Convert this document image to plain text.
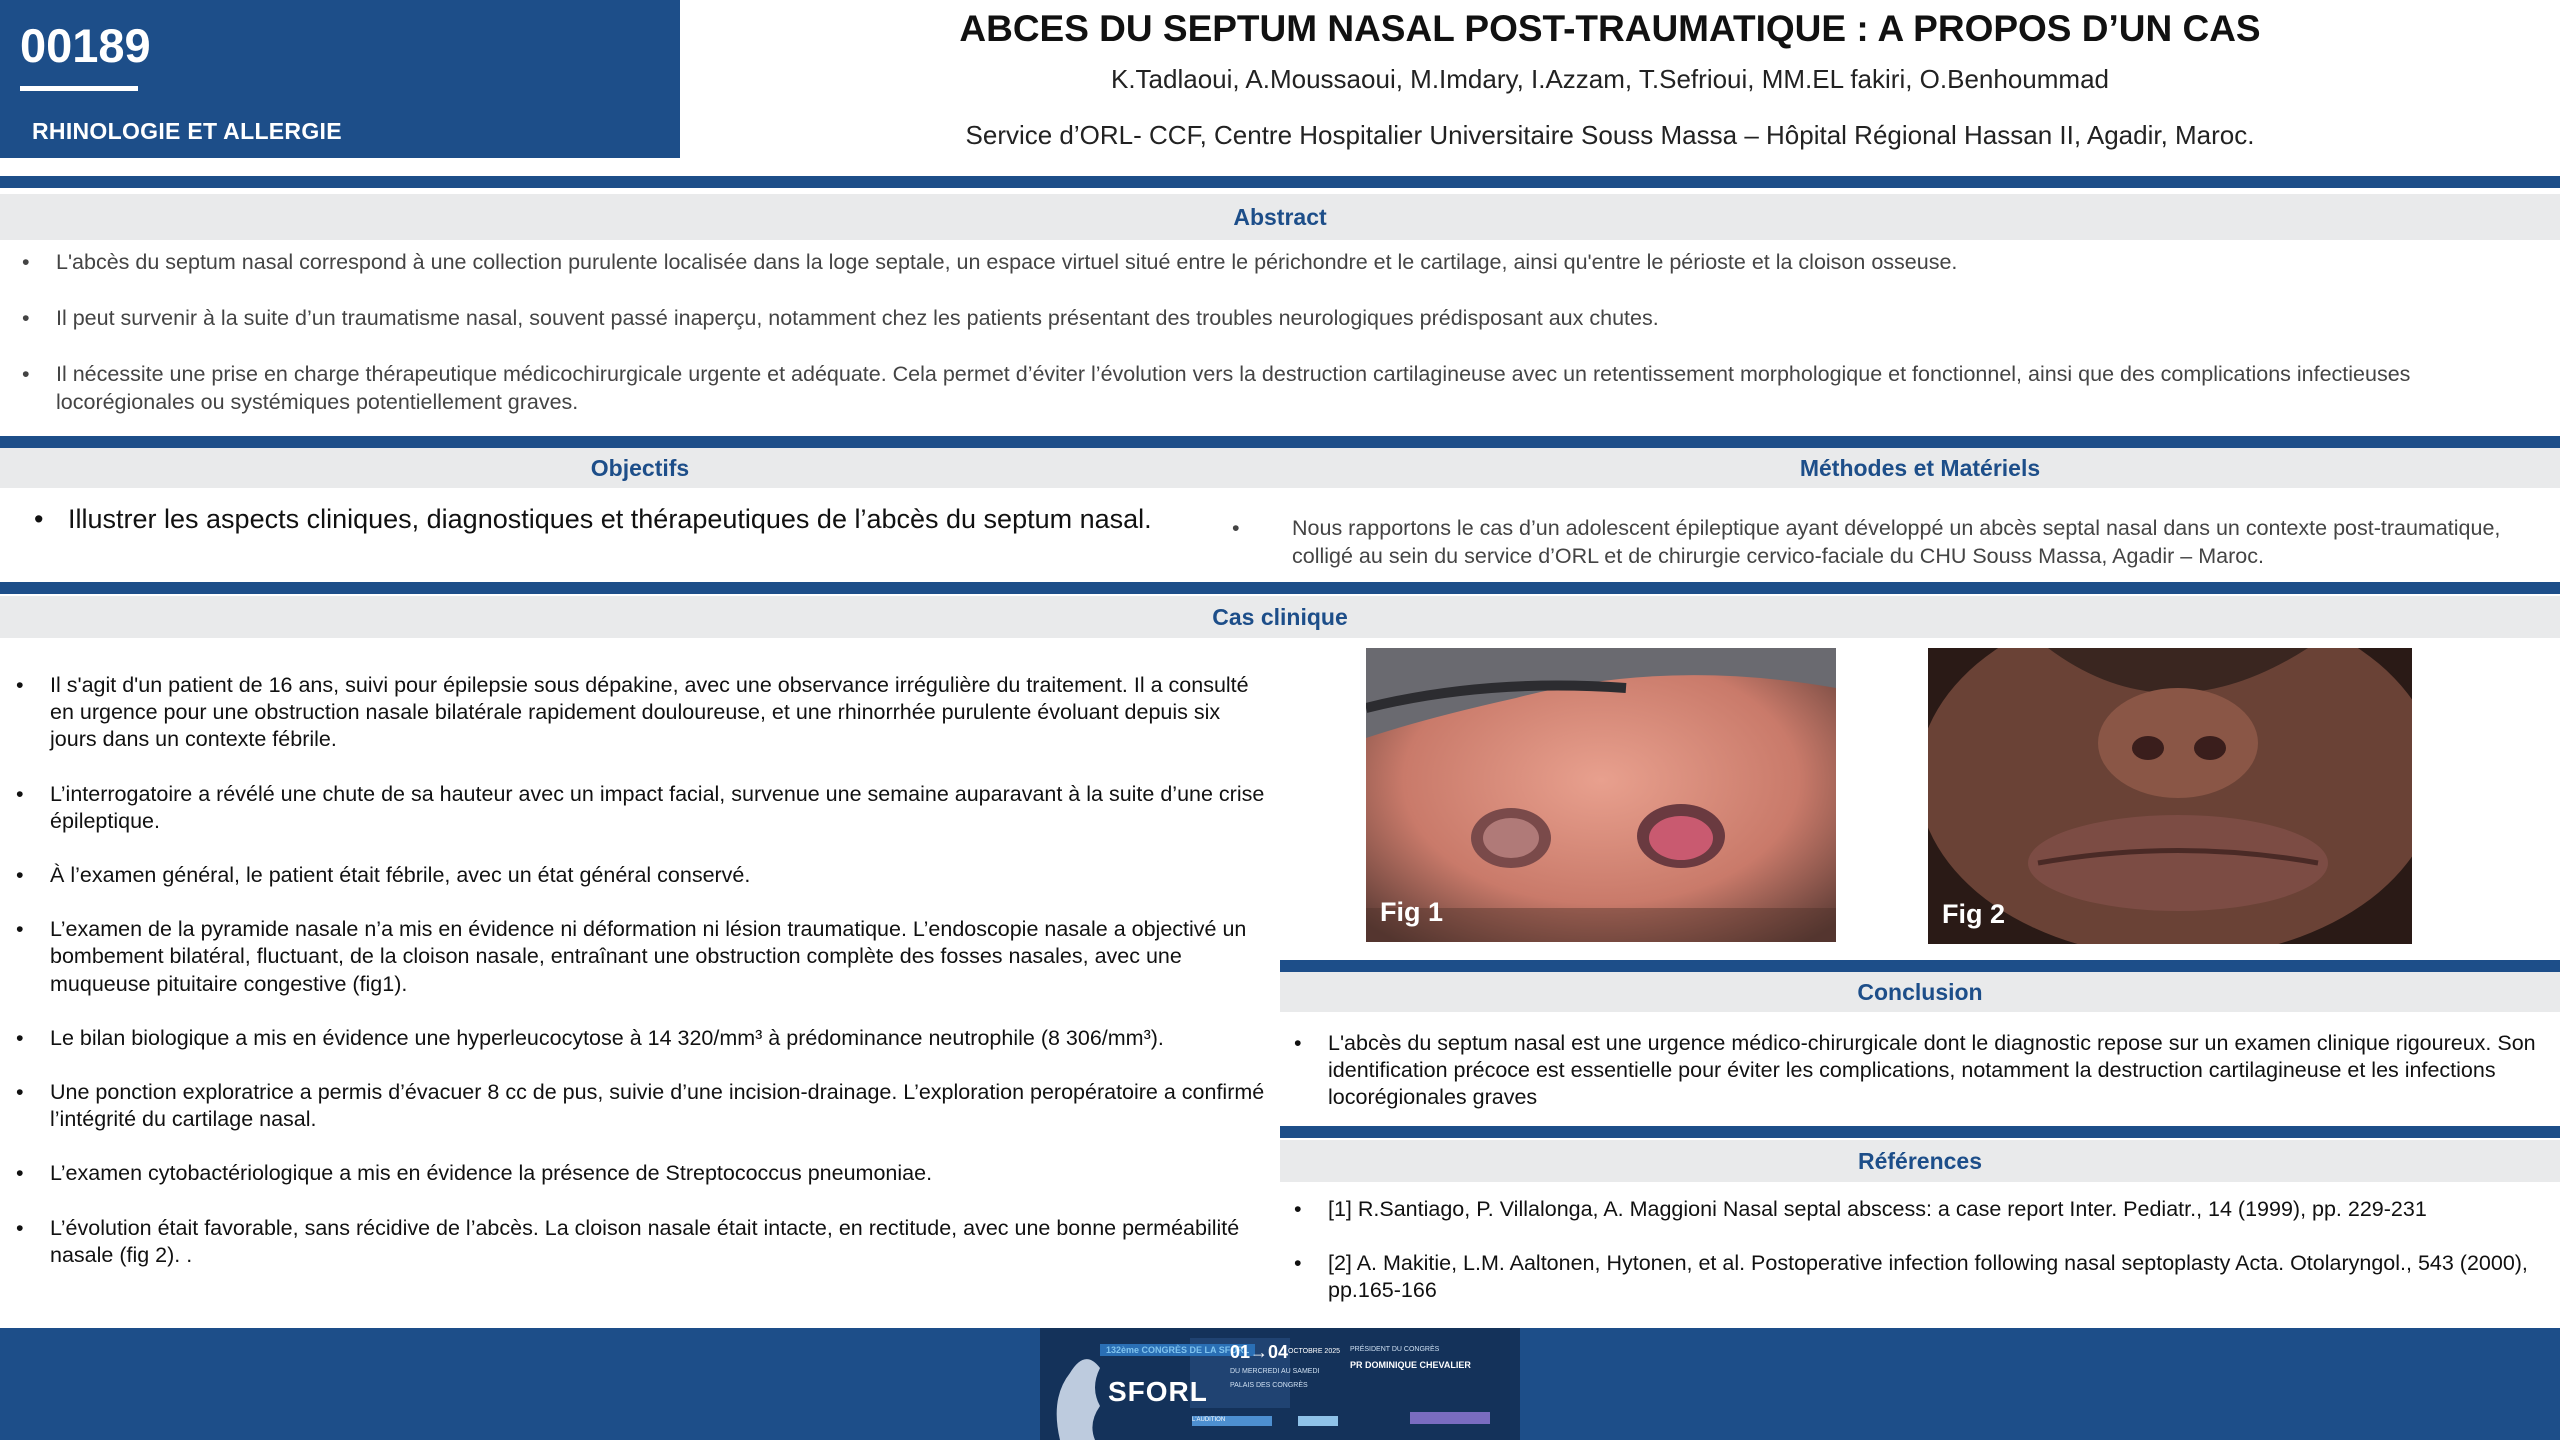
00189
RHINOLOGIE ET ALLERGIE
ABCES DU SEPTUM NASAL POST-TRAUMATIQUE : A PROPOS D’UN CAS
K.Tadlaoui, A.Moussaoui, M.Imdary, I.Azzam, T.Sefrioui, MM.EL fakiri, O.Benhoummad
Service d’ORL- CCF, Centre Hospitalier Universitaire Souss Massa – Hôpital Régional Hassan II, Agadir, Maroc.
Abstract
• L'abcès du septum nasal correspond à une collection purulente localisée dans la loge septale, un espace virtuel situé entre le périchondre et le cartilage, ainsi qu'entre le périoste et la cloison osseuse.
• Il peut survenir à la suite d’un traumatisme nasal, souvent passé inaperçu, notamment chez les patients présentant des troubles neurologiques prédisposant aux chutes.
• Il nécessite une prise en charge thérapeutique médicochirurgicale urgente et adéquate. Cela permet d’éviter l’évolution vers la destruction cartilagineuse avec un retentissement morphologique et fonctionnel, ainsi que des complications infectieuses locorégionales ou systémiques potentiellement graves.
Objectifs	Méthodes et Matériels
• Illustrer les aspects cliniques, diagnostiques et thérapeutiques de l’abcès du septum nasal.
•	Nous rapportons le cas d’un adolescent épileptique ayant développé un abcès septal nasal dans un contexte post-traumatique, colligé au sein du service d’ORL et de chirurgie cervico-faciale du CHU Souss Massa, Agadir – Maroc.
Cas clinique
• Il s'agit d'un patient de 16 ans, suivi pour épilepsie sous dépakine, avec une observance irrégulière du traitement. Il a consulté en urgence pour une obstruction nasale bilatérale rapidement douloureuse, et une rhinorrhée purulente évoluant depuis six jours dans un contexte fébrile.
• L’interrogatoire a révélé une chute de sa hauteur avec un impact facial, survenue une semaine auparavant à la suite d’une crise épileptique.
• À l’examen général, le patient était fébrile, avec un état général conservé.
• L’examen de la pyramide nasale n’a mis en évidence ni déformation ni lésion traumatique. L’endoscopie nasale a objectivé un bombement bilatéral, fluctuant, de la cloison nasale, entraînant une obstruction complète des fosses nasales, avec une muqueuse pituitaire congestive (fig1).
• Le bilan biologique a mis en évidence une hyperleucocytose à 14 320/mm³ à prédominance neutrophile (8 306/mm³).
• Une ponction exploratrice a permis d’évacuer 8 cc de pus, suivie d’une incision-drainage. L’exploration peropératoire a confirmé l’intégrité du cartilage nasal.
• L’examen cytobactériologique a mis en évidence la présence de Streptococcus pneumoniae.
• L’évolution était favorable, sans récidive de l’abcès. La cloison nasale était intacte, en rectitude, avec une bonne perméabilité nasale (fig 2). .
Fig 1	Fig 2
Conclusion
• L'abcès du septum nasal est une urgence médico-chirurgicale dont le diagnostic repose sur un examen clinique rigoureux. Son identification précoce est essentielle pour éviter les complications, notamment la destruction cartilagineuse et les infections locorégionales graves
Références
• [1] R.Santiago, P. Villalonga, A. Maggioni Nasal septal abscess: a case report Inter. Pediatr., 14 (1999), pp. 229-231
• [2] A. Makitie, L.M. Aaltonen, Hytonen, et al. Postoperative infection following nasal septoplasty Acta. Otolaryngol., 543 (2000), pp.165-166
132ème CONGRÈS DE LA SFORL
SFORL
01→04 OCTOBRE 2025
DU MERCREDI AU SAMEDI
PALAIS DES CONGRÈS
L'AUDITION
PRÉSIDENT DU CONGRÈS
PR DOMINIQUE CHEVALIER
